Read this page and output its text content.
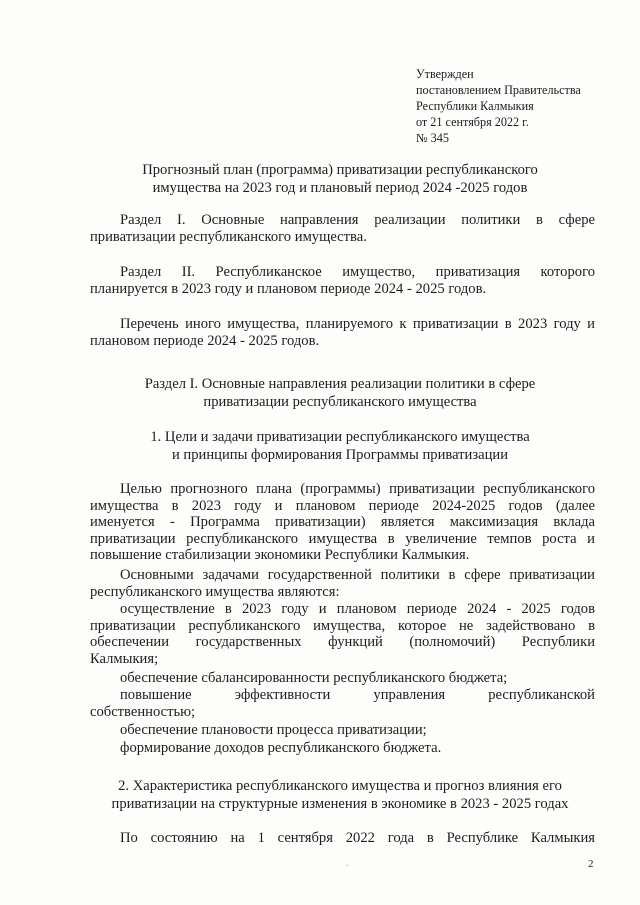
Утвержден
постановлением Правительства
Республики Калмыкия
от 21 сентября 2022 г.
№ 345
Прогнозный план (программа) приватизации республиканского
имущества на 2023 год и плановый период 2024 -2025 годов
Раздел I. Основные направления реализации политики в сфере
приватизации республиканского имущества.
Раздел II. Республиканское имущество, приватизация которого
планируется в 2023 году и плановом периоде 2024 - 2025 годов.
Перечень иного имущества, планируемого к приватизации в 2023 году и
плановом периоде 2024 - 2025 годов.
Раздел I. Основные направления реализации политики в сфере
приватизации республиканского имущества
1. Цели и задачи приватизации республиканского имущества
и принципы формирования Программы приватизации
Целью прогнозного плана (программы) приватизации республиканского
имущества в 2023 году и плановом периоде 2024-2025 годов (далее
именуется - Программа приватизации) является максимизация вклада
приватизации республиканского имущества в увеличение темпов роста и
повышение стабилизации экономики Республики Калмыкия.
Основными задачами государственной политики в сфере приватизации
республиканского имущества являются:
осуществление в 2023 году и плановом периоде 2024 - 2025 годов
приватизации республиканского имущества, которое не задействовано в
обеспечении государственных функций (полномочий) Республики
Калмыкия;
обеспечение сбалансированности республиканского бюджета;
повышение эффективности управления республиканской
собственностью;
обеспечение плановости процесса приватизации;
формирование доходов республиканского бюджета.
2. Характеристика республиканского имущества и прогноз влияния его
приватизации на структурные изменения в экономике в 2023 - 2025 годах
По состоянию на 1 сентября 2022 года в Республике Калмыкия
.	2
